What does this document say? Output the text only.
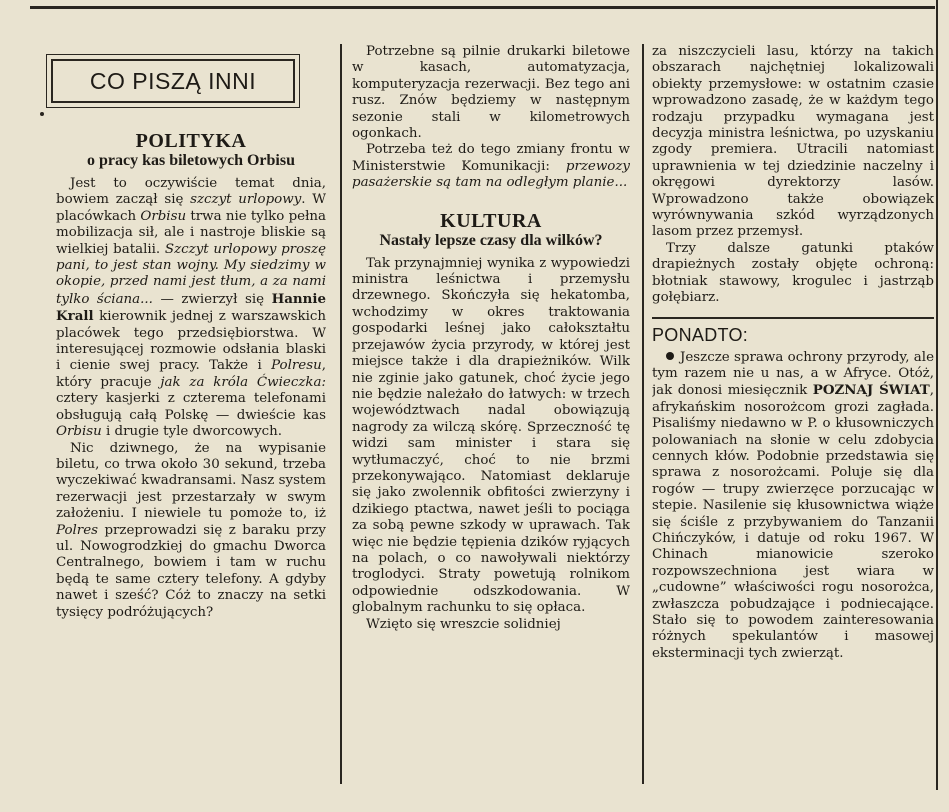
CO PISZĄ INNI
POLITYKA
o pracy kas biletowych Orbisu

Jest to oczywiście temat dnia, bowiem zaczął się szczyt urlopowy. W placówkach Orbisu trwa nie tylko pełna mobilizacja sił, ale i nastroje bliskie są wielkiej batalii. Szczyt urlopowy proszę pani, to jest stan wojny. My siedzimy w okopie, przed nami jest tłum, a za nami tylko ściana... — zwierzył się Hannie Krall kierownik jednej z warszawskich placówek tego przedsiębiorstwa. W interesującej rozmowie odsłania blaski i cienie swej pracy. Także i Polresu, który pracuje jak za króla Ćwieczka: cztery kasjerki z czterema telefonami obsługują całą Polskę — dwieście kas Orbisu i drugie tyle dworcowych.

Nic dziwnego, że na wypisanie biletu, co trwa około 30 sekund, trzeba wyczekiwać kwadransami. Nasz system rezerwacji jest przestarzały w swym założeniu. I niewiele tu pomoże to, iż Polres przeprowadzi się z baraku przy ul. Nowogrodzkiej do gmachu Dworca Centralnego, bowiem i tam w ruchu będą te same cztery telefony. A gdyby nawet i sześć? Cóż to znaczy na setki tysięcy podróżujących?

Potrzebne są pilnie drukarki biletowe w kasach, automatyzacja, komputeryzacja rezerwacji. Bez tego ani rusz. Znów będziemy w następnym sezonie stali w kilometrowych ogonkach.

Potrzeba też do tego zmiany frontu w Ministerstwie Komunikacji: przewozy pasażerskie są tam na odległym planie...

KULTURA
Nastały lepsze czasy dla wilków?

Tak przynajmniej wynika z wypowiedzi ministra leśnictwa i przemysłu drzewnego. Skończyła się hekatomba, wchodzimy w okres traktowania gospodarki leśnej jako całokształtu przejawów życia przyrody, w której jest miejsce także i dla drapieżników. Wilk nie zginie jako gatunek, choć życie jego nie będzie należało do łatwych: w trzech województwach nadal obowiązują nagrody za wilczą skórę. Sprzeczność tę widzi sam minister i stara się wytłumaczyć, choć to nie brzmi przekonywająco. Natomiast deklaruje się jako zwolennik obfitości zwierzyny i dzikiego ptactwa, nawet jeśli to pociąga za sobą pewne szkody w uprawach. Tak więc nie będzie tępienia dzików ryjących na polach, o co nawoływali niektórzy troglodyci. Straty powetują rolnikom odpowiednie odszkodowania. W globalnym rachunku to się opłaca.

Wzięto się wreszcie solidniej

za niszczycieli lasu, którzy na takich obszarach najchętniej lokalizowali obiekty przemysłowe: w ostatnim czasie wprowadzono zasadę, że w każdym tego rodzaju przypadku wymagana jest decyzja ministra leśnictwa, po uzyskaniu zgody premiera. Utracili natomiast uprawnienia w tej dziedzinie naczelny i okręgowi dyrektorzy lasów. Wprowadzono także obowiązek wyrównywania szkód wyrządzonych lasom przez przemysł.

Trzy dalsze gatunki ptaków drapieżnych zostały objęte ochroną: błotniak stawowy, krogulec i jastrząb gołębiarz.

PONADTO:

Jeszcze sprawa ochrony przyrody, ale tym razem nie u nas, a w Afryce. Otóż, jak donosi miesięcznik POZNAJ ŚWIAT, afrykańskim nosorożcom grozi zagłada. Pisaliśmy niedawno w P. o kłusowniczych polowaniach na słonie w celu zdobycia cennych kłów. Podobnie przedstawia się sprawa z nosorożcami. Poluje się dla rogów — trupy zwierzęce porzucając w stepie. Nasilenie się kłusownictwa wiąże się ściśle z przybywaniem do Tanzanii Chińczyków, i datuje od roku 1967. W Chinach mianowicie szeroko rozpowszechniona jest wiara w „cudowne” właściwości rogu nosorożca, zwłaszcza pobudzające i podniecające. Stało się to powodem zainteresowania różnych spekulantów i masowej eksterminacji tych zwierząt.
